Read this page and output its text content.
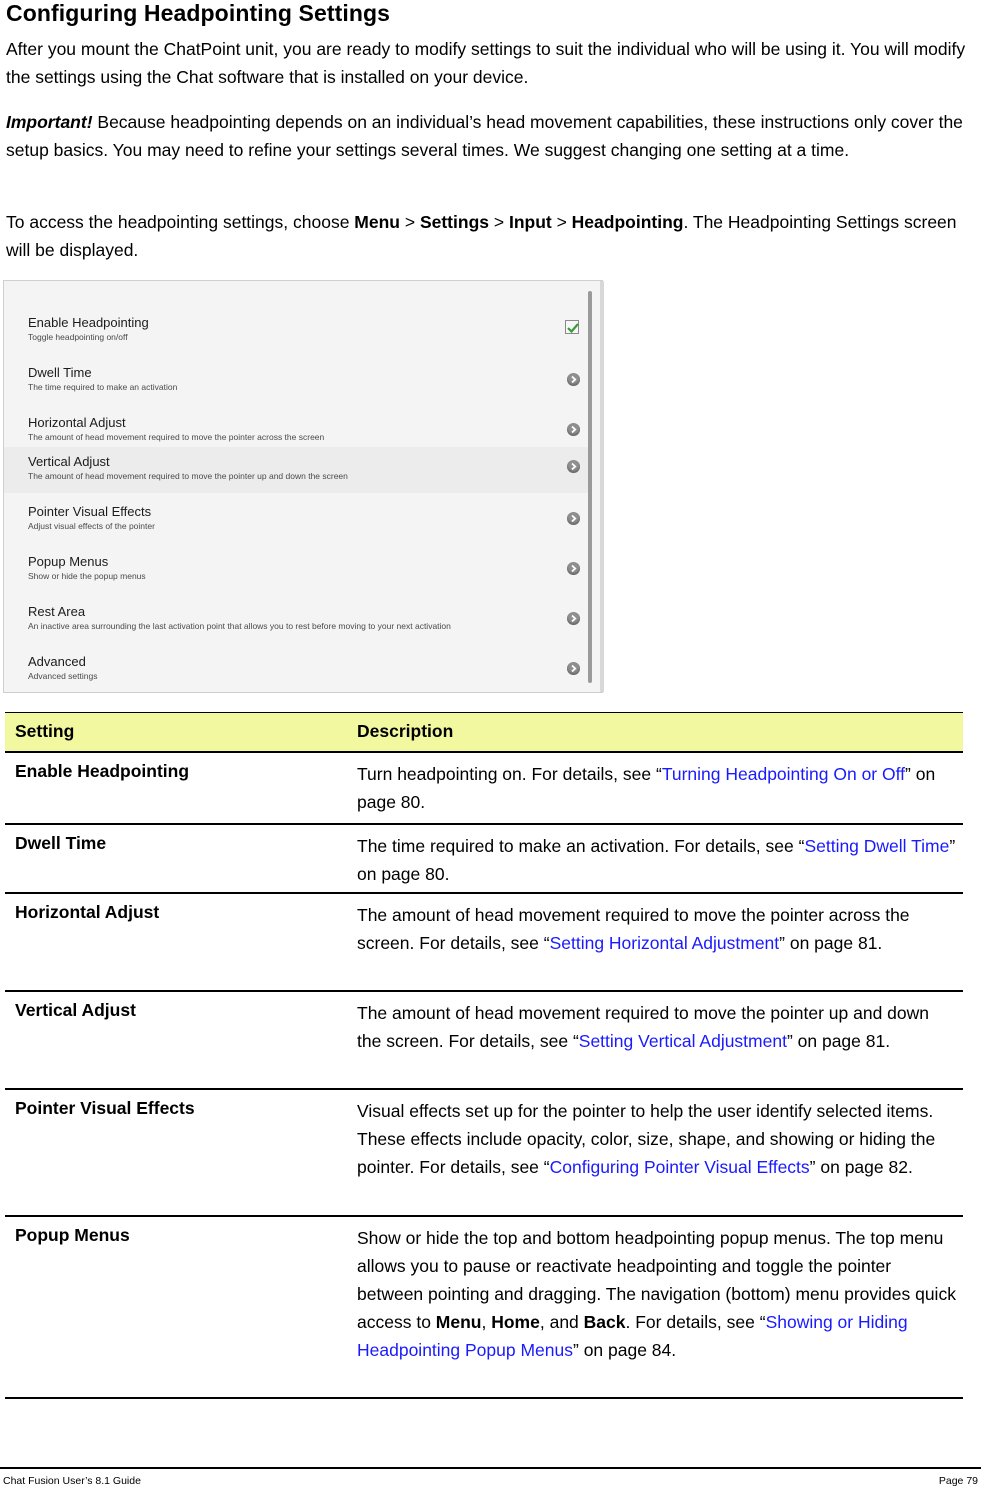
Configuring Headpointing Settings
After you mount the ChatPoint unit, you are ready to modify settings to suit the individual who will be using it. You will modify the settings using the Chat software that is installed on your device.
Important! Because headpointing depends on an individual’s head movement capabilities, these instructions only cover the setup basics. You may need to refine your settings several times. We suggest changing one setting at a time.
To access the headpointing settings, choose Menu > Settings > Input > Headpointing. The Headpointing Settings screen will be displayed.
Enable Headpointing
Toggle headpointing on/off
Dwell Time
The time required to make an activation
Horizontal Adjust
The amount of head movement required to move the pointer across the screen
Vertical Adjust
The amount of head movement required to move the pointer up and down the screen
Pointer Visual Effects
Adjust visual effects of the pointer
Popup Menus
Show or hide the popup menus
Rest Area
An inactive area surrounding the last activation point that allows you to rest before moving to your next activation
Advanced
Advanced settings
Setting	Description
Enable Headpointing	Turn headpointing on. For details, see “Turning Headpointing On or Off” on page 80.
Dwell Time	The time required to make an activation. For details, see “Setting Dwell Time” on page 80.
Horizontal Adjust	The amount of head movement required to move the pointer across the screen. For details, see “Setting Horizontal Adjustment” on page 81.
Vertical Adjust	The amount of head movement required to move the pointer up and down the screen. For details, see “Setting Vertical Adjustment” on page 81.
Pointer Visual Effects	Visual effects set up for the pointer to help the user identify selected items. These effects include opacity, color, size, shape, and showing or hiding the pointer. For details, see “Configuring Pointer Visual Effects” on page 82.
Popup Menus	Show or hide the top and bottom headpointing popup menus. The top menu allows you to pause or reactivate headpointing and toggle the pointer between pointing and dragging. The navigation (bottom) menu provides quick access to Menu, Home, and Back. For details, see “Showing or Hiding Headpointing Popup Menus” on page 84.
Chat Fusion User’s 8.1 Guide	Page 79
